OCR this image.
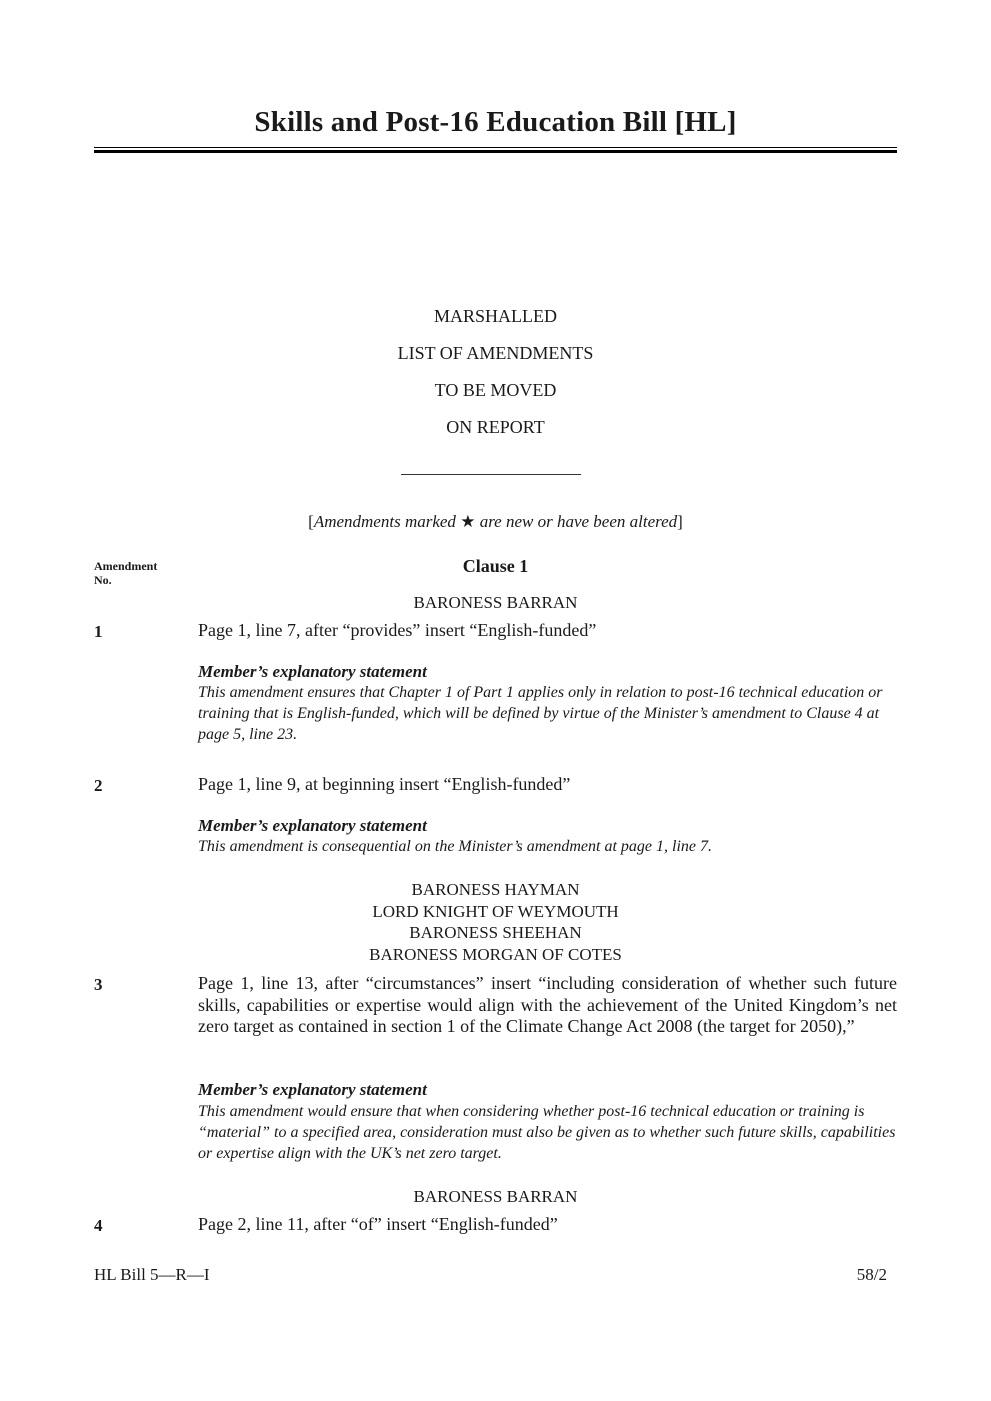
Skills and Post-16 Education Bill [HL]
MARSHALLED
LIST OF AMENDMENTS
TO BE MOVED
ON REPORT
[Amendments marked ★ are new or have been altered]
Amendment
No.
Clause 1
BARONESS BARRAN
1	Page 1, line 7, after “provides” insert “English-funded”
Member’s explanatory statement
This amendment ensures that Chapter 1 of Part 1 applies only in relation to post-16 technical education or training that is English-funded, which will be defined by virtue of the Minister’s amendment to Clause 4 at page 5, line 23.
2	Page 1, line 9, at beginning insert “English-funded”
Member’s explanatory statement
This amendment is consequential on the Minister’s amendment at page 1, line 7.
BARONESS HAYMAN
LORD KNIGHT OF WEYMOUTH
BARONESS SHEEHAN
BARONESS MORGAN OF COTES
3	Page 1, line 13, after “circumstances” insert “including consideration of whether such future skills, capabilities or expertise would align with the achievement of the United Kingdom’s net zero target as contained in section 1 of the Climate Change Act 2008 (the target for 2050),”
Member’s explanatory statement
This amendment would ensure that when considering whether post-16 technical education or training is “material” to a specified area, consideration must also be given as to whether such future skills, capabilities or expertise align with the UK’s net zero target.
BARONESS BARRAN
4	Page 2, line 11, after “of” insert “English-funded”
HL Bill 5—R—I	58/2
